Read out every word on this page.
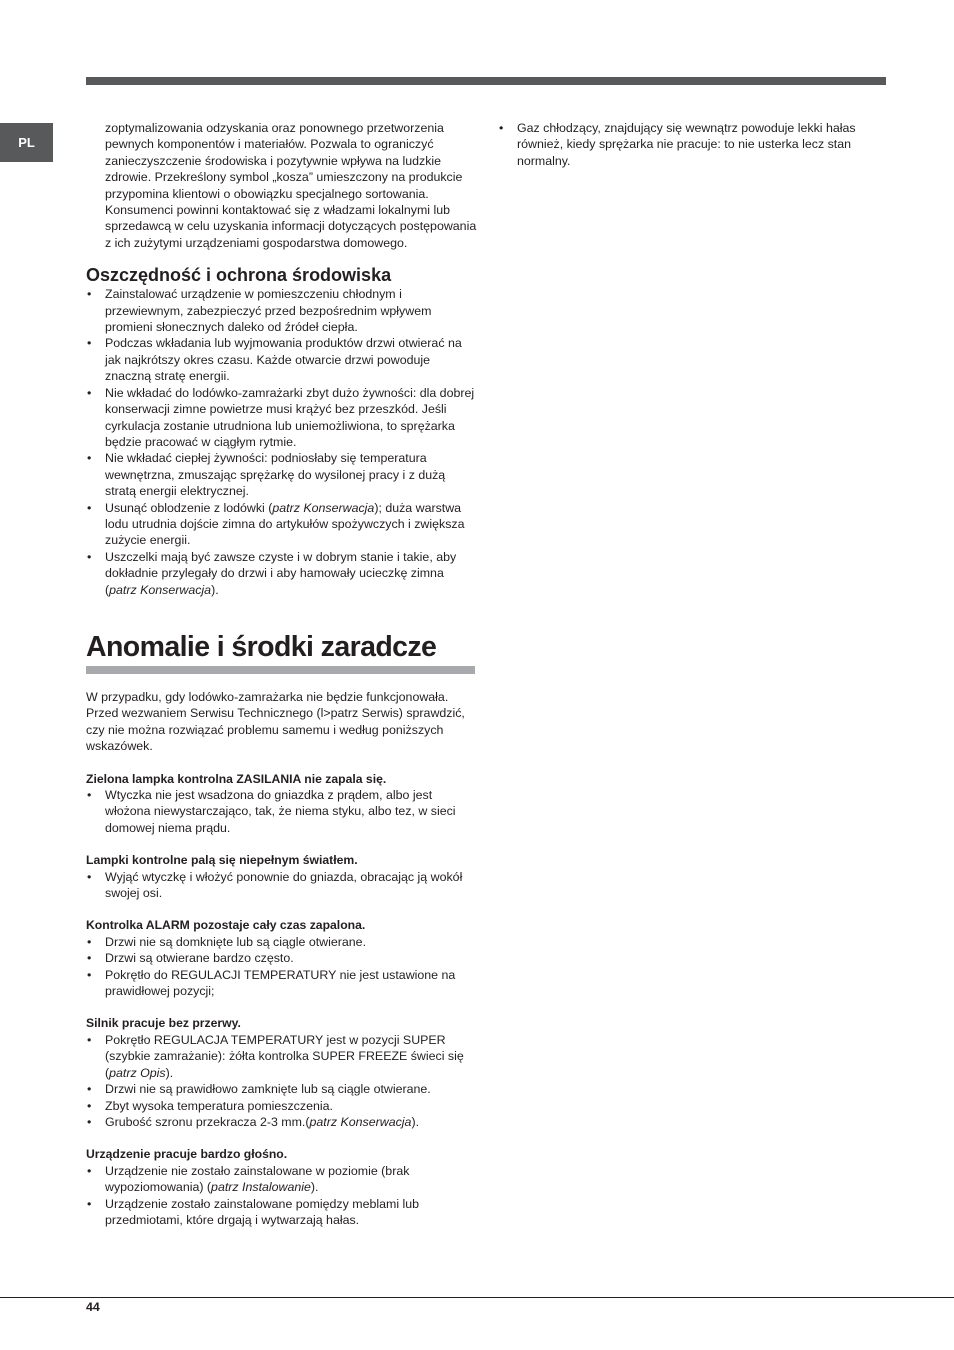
PL

zoptymalizowania odzyskania oraz ponownego przetworzenia pewnych komponentów i materiałów. Pozwala to ograniczyć zanieczyszczenie środowiska i pozytywnie wpływa na ludzkie zdrowie. Przekreślony symbol „kosza” umieszczony na produkcie przypomina klientowi o obowiązku specjalnego sortowania.

Konsumenci powinni kontaktować się z władzami lokalnymi lub sprzedawcą w celu uzyskania informacji dotyczących postępowania z ich zużytymi urządzeniami gospodarstwa domowego.

Oszczędność i ochrona środowiska
• Zainstalować urządzenie w pomieszczeniu chłodnym i przewiewnym, zabezpieczyć przed bezpośrednim wpływem promieni słonecznych daleko od źródeł ciepła.
• Podczas wkładania lub wyjmowania produktów drzwi otwierać na jak najkrótszy okres czasu. Każde otwarcie drzwi powoduje znaczną stratę energii.
• Nie wkładać do lodówko-zamrażarki zbyt dużo żywności: dla dobrej konserwacji zimne powietrze musi krążyć bez przeszkód. Jeśli cyrkulacja zostanie utrudniona lub uniemożliwiona, to sprężarka będzie pracować w ciągłym rytmie.
• Nie wkładać ciepłej żywności: podniosłaby się temperatura wewnętrzna, zmuszając sprężarkę do wysilonej pracy i z dużą stratą energii elektrycznej.
• Usunąć oblodzenie z lodówki (patrz Konserwacja); duża warstwa lodu utrudnia dojście zimna do artykułów spożywczych i zwiększa zużycie energii.
• Uszczelki mają być zawsze czyste i w dobrym stanie i takie, aby dokładnie przylegały do drzwi i aby hamowały ucieczkę zimna (patrz Konserwacja).
Anomalie i środki zaradcze

W przypadku, gdy lodówko-zamrażarka nie będzie funkcjonowała. Przed wezwaniem Serwisu Technicznego (l>patrz Serwis) sprawdzić, czy nie można rozwiązać problemu samemu i według poniższych wskazówek.

Zielona lampka kontrolna ZASILANIA nie zapala się.
• Wtyczka nie jest wsadzona do gniazdka z prądem, albo jest włożona niewystarczająco, tak, że niema styku, albo tez, w sieci domowej niema prądu.
Lampki kontrolne palą się niepełnym światłem.
• Wyjąć wtyczkę i włożyć ponownie do gniazda, obracając ją wokół swojej osi.
Kontrolka ALARM pozostaje cały czas zapalona.
• Drzwi nie są domknięte lub są ciągle otwierane.
• Drzwi są otwierane bardzo często.
• Pokrętło do REGULACJI TEMPERATURY nie jest ustawione na prawidłowej pozycji;
Silnik pracuje bez przerwy.
• Pokrętło REGULACJA TEMPERATURY jest w pozycji SUPER (szybkie zamrażanie): żółta kontrolka SUPER FREEZE świeci się (patrz Opis).
• Drzwi nie są prawidłowo zamknięte lub są ciągle otwierane.
• Zbyt wysoka temperatura pomieszczenia.
• Grubość szronu przekracza 2-3 mm.(patrz Konserwacja).
Urządzenie pracuje bardzo głośno.
• Urządzenie nie zostało zainstalowane w poziomie (brak wypoziomowania) (patrz Instalowanie).
• Urządzenie zostało zainstalowane pomiędzy meblami lub przedmiotami, które drgają i wytwarzają hałas.
• Gaz chłodzący, znajdujący się wewnątrz powoduje lekki hałas również, kiedy sprężarka nie pracuje: to nie usterka lecz stan normalny.
44
